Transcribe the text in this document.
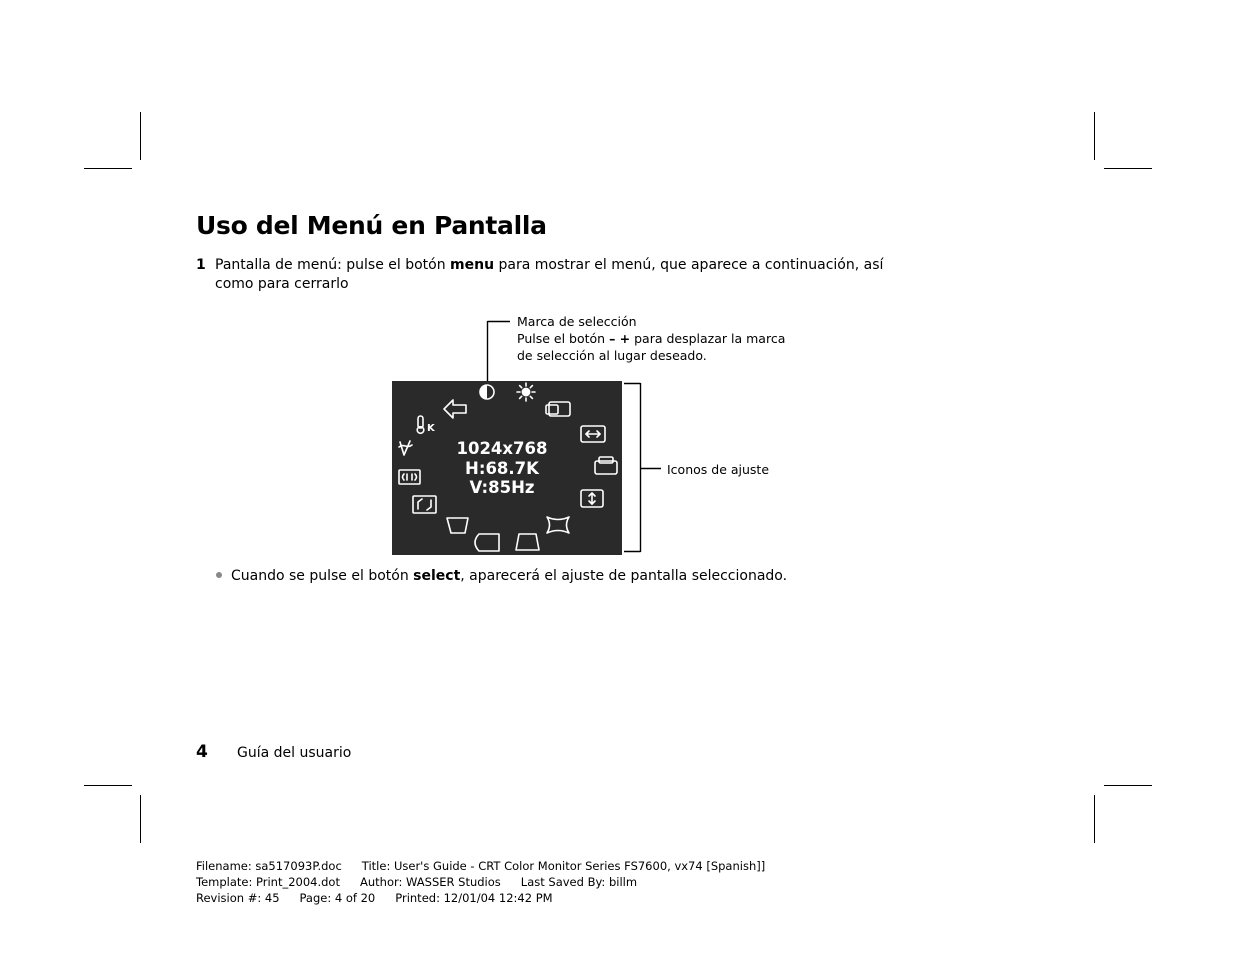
Uso del Menú en Pantalla
1 Pantalla de menú: pulse el botón menu para mostrar el menú, que aparece a continuación, así como para cerrarlo
Marca de selección
Pulse el botón – + para desplazar la marca
de selección al lugar deseado.
Iconos de ajuste
K
1024x768
H:68.7K
V:85Hz
Cuando se pulse el botón select, aparecerá el ajuste de pantalla seleccionado.
4 Guía del usuario
Filename: sa517093P.doc Title: User's Guide - CRT Color Monitor Series FS7600, vx74 [Spanish]]
Template: Print_2004.dot Author: WASSER Studios Last Saved By: billm
Revision #: 45 Page: 4 of 20 Printed: 12/01/04 12:42 PM
